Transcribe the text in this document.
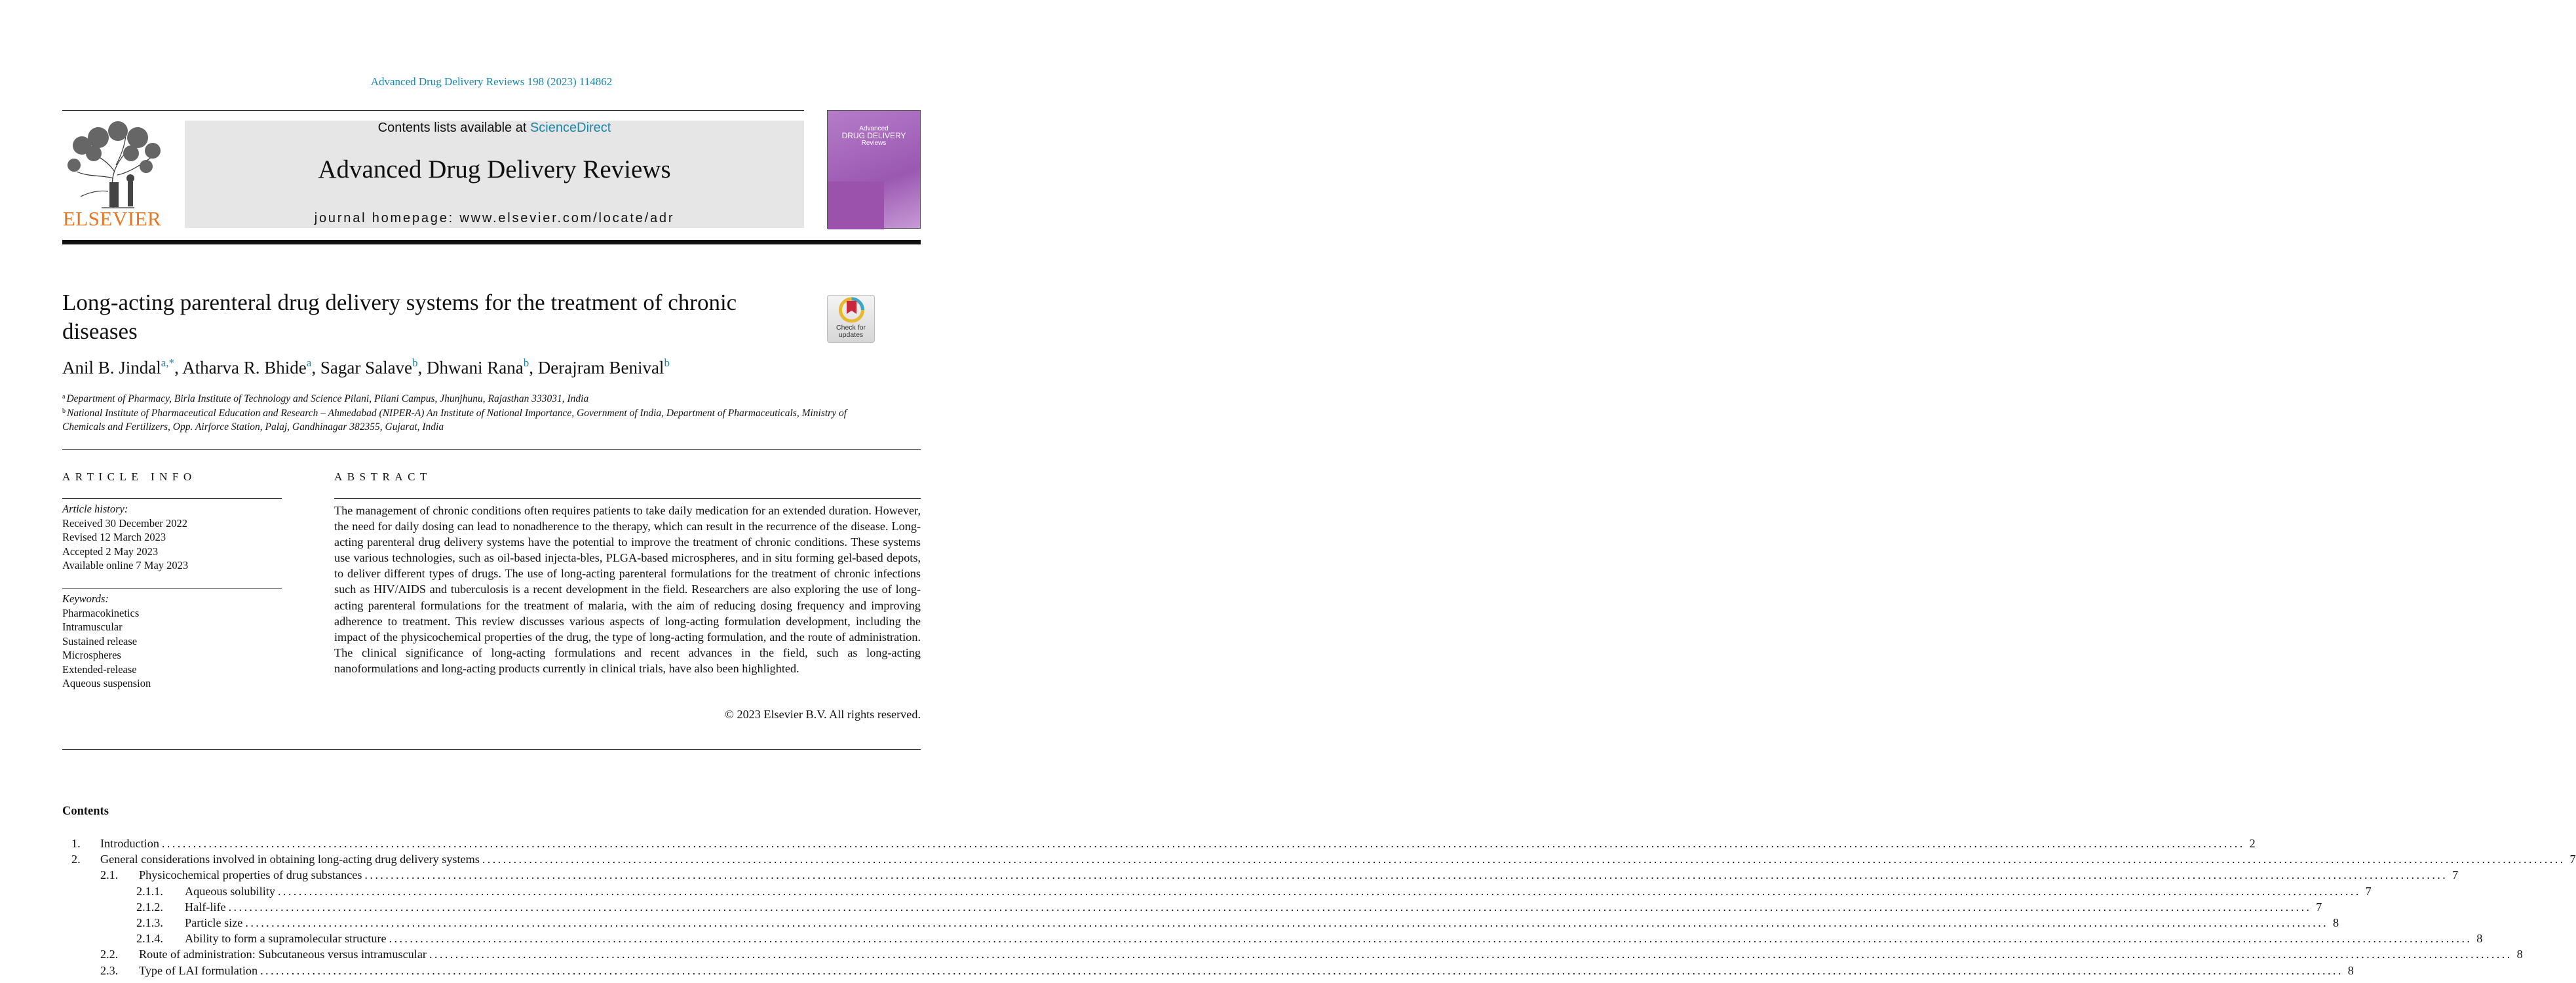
Advanced Drug Delivery Reviews 198 (2023) 114862
ELSEVIER
Contents lists available at ScienceDirect
Advanced Drug Delivery Reviews
journal homepage: www.elsevier.com/locate/adr
Advanced
DRUG DELIVERY
Reviews
Long-acting parenteral drug delivery systems for the treatment of chronic diseases	Check for updates
Anil B. Jindal$^{a,*}$, Atharva R. Bhide$^a$, Sagar Salave$^b$, Dhwani Rana$^b$, Derajram Benival$^b$
$^a$ Department of Pharmacy, Birla Institute of Technology and Science Pilani, Pilani Campus, Jhunjhunu, Rajasthan 333031, India
$^b$ National Institute of Pharmaceutical Education and Research – Ahmedabad (NIPER-A) An Institute of National Importance, Government of India, Department of Pharmaceuticals, Ministry of Chemicals and Fertilizers, Opp. Airforce Station, Palaj, Gandhinagar 382355, Gujarat, India
ARTICLE INFO
Article history:
Received 30 December 2022
Revised 12 March 2023
Accepted 2 May 2023
Available online 7 May 2023
Keywords:
Pharmacokinetics
Intramuscular
Sustained release
Microspheres
Extended-release
Aqueous suspension
ABSTRACT
The management of chronic conditions often requires patients to take daily medication for an extended duration. However, the need for daily dosing can lead to nonadherence to the therapy, which can result in the recurrence of the disease. Long-acting parenteral drug delivery systems have the potential to improve the treatment of chronic conditions. These systems use various technologies, such as oil-based injecta-bles, PLGA-based microspheres, and in situ forming gel-based depots, to deliver different types of drugs. The use of long-acting parenteral formulations for the treatment of chronic infections such as HIV/AIDS and tuberculosis is a recent development in the field. Researchers are also exploring the use of long-acting parenteral formulations for the treatment of malaria, with the aim of reducing dosing frequency and improving adherence to treatment. This review discusses various aspects of long-acting formulation development, including the impact of the physicochemical properties of the drug, the type of long-acting formulation, and the route of administration. The clinical significance of long-acting formulations and recent advances in the field, such as long-acting nanoformulations and long-acting products currently in clinical trials, have also been highlighted.
© 2023 Elsevier B.V. All rights reserved.
Contents
1. Introduction ................................................................................................................................................................................................................................................................................................................................................................................................................ 2
2. General considerations involved in obtaining long-acting drug delivery systems ................................................................................................................................................................................................................................................................................................................................................................................................................ 7
2.1. Physicochemical properties of drug substances ................................................................................................................................................................................................................................................................................................................................................................................................................ 7
2.1.1. Aqueous solubility ................................................................................................................................................................................................................................................................................................................................................................................................................ 7
2.1.2. Half-life ................................................................................................................................................................................................................................................................................................................................................................................................................ 7
2.1.3. Particle size ................................................................................................................................................................................................................................................................................................................................................................................................................ 8
2.1.4. Ability to form a supramolecular structure ................................................................................................................................................................................................................................................................................................................................................................................................................ 8
2.2. Route of administration: Subcutaneous versus intramuscular ................................................................................................................................................................................................................................................................................................................................................................................................................ 8
2.3. Type of LAI formulation ................................................................................................................................................................................................................................................................................................................................................................................................................ 8
